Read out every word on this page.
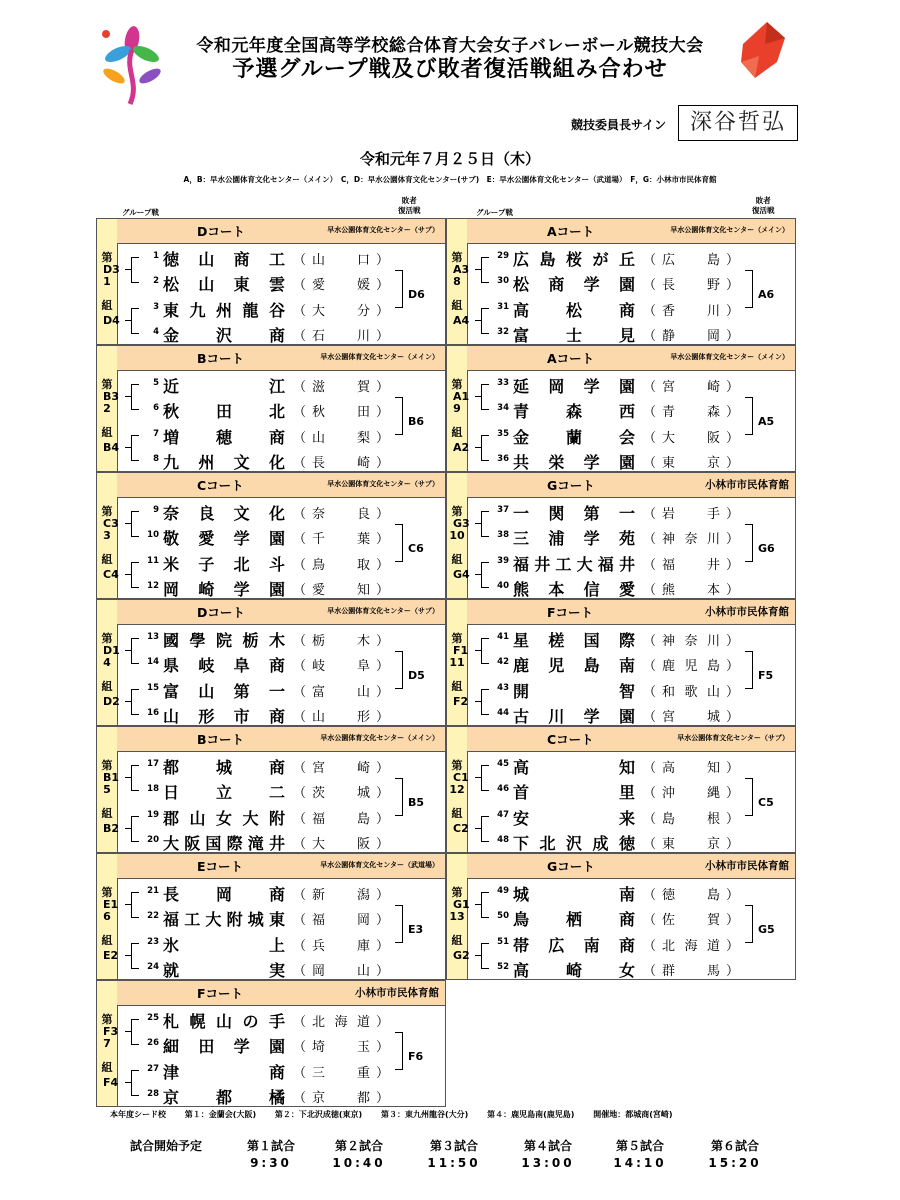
令和元年度全国高等学校総合体育大会女子バレーボール競技大会
予選グループ戦及び敗者復活戦組み合わせ
競技委員長サイン	深谷哲弘
令和元年７月２５日（木）
A，B：早水公園体育文化センター（メイン）　C，D：早水公園体育文化センター(サブ)　E：早水公園体育文化センター（武道場）　F，G：小林市市民体育館
グループ戦
敗者
復活戦	グループ戦
敗者
復活戦
第
1
組
Dコート	早水公園体育文化センター（サブ）
1 徳 山 商 工 （ 山 口 ）
2 松 山 東 雲 （ 愛 媛 ）
3 東 九 州 龍 谷 （ 大 分 ）
4 金 沢 商 （ 石 川 ）
D3
D4
D6
第
2
組
Bコート	早水公園体育文化センター（メイン）
5 近	江 （ 滋 賀 ）
6 秋 田 北 （ 秋 田 ）
7 増 穂 商 （ 山 梨 ）
8 九 州 文 化 （ 長 崎 ）
B3
B4
B6
第
3
組
Cコート	早水公園体育文化センター（サブ）
9 奈 良 文 化 （ 奈 良 ）
10 敬 愛 学 園 （ 千 葉 ）
11 米 子 北 斗 （ 鳥 取 ）
12 岡 崎 学 園 （ 愛 知 ）
C3
C4
C6
第
4
組
Dコート	早水公園体育文化センター（サブ）
13 國 學 院 栃 木 （ 栃 木 ）
14 県 岐 阜 商 （ 岐 阜 ）
15 富 山 第 一 （ 富 山 ）
16 山 形 市 商 （ 山 形 ）
D1
D2
D5
第
5
組
Bコート	早水公園体育文化センター（メイン）
17 都 城 商 （ 宮 崎 ）
18 日 立 二 （ 茨 城 ）
19 郡 山 女 大 附 （ 福 島 ）
20 大 阪 国 際 滝 井 （ 大 阪 ）
B1
B2
B5
第
6
組
Eコート	早水公園体育文化センター（武道場）
21 長 岡 商 （ 新 潟 ）
22 福 工 大 附 城 東 （ 福 岡 ）
23 氷	上 （ 兵 庫 ）
24 就	実 （ 岡 山 ）
E1
E2
E3
第
7
組
Fコート	小林市市民体育館
25 札 幌 山 の 手 （ 北 海 道 ）
26 細 田 学 園 （ 埼 玉 ）
27 津	商 （ 三 重 ）
28 京 都 橘 （ 京 都 ）
F3
F4
F6
第
8
組
Aコート	早水公園体育文化センター（メイン）
29 広 島 桜 が 丘 （ 広 島 ）
30 松 商 学 園 （ 長 野 ）
31 高 松 商 （ 香 川 ）
32 富 士 見 （ 静 岡 ）
A3
A4
A6
第
9
組
Aコート	早水公園体育文化センター（メイン）
33 延 岡 学 園 （ 宮 崎 ）
34 青 森 西 （ 青 森 ）
35 金 蘭 会 （ 大 阪 ）
36 共 栄 学 園 （ 東 京 ）
A1
A2
A5
第
10
組
Gコート	小林市市民体育館
37 一 関 第 一 （ 岩 手 ）
38 三 浦 学 苑 （ 神 奈 川 ）
39 福 井 工 大 福 井 （ 福 井 ）
40 熊 本 信 愛 （ 熊 本 ）
G3
G4
G6
第
11
組
Fコート	小林市市民体育館
41 星 槎 国 際 （ 神 奈 川 ）
42 鹿 児 島 南 （ 鹿 児 島 ）
43 開	智 （ 和 歌 山 ）
44 古 川 学 園 （ 宮 城 ）
F1
F2
F5
第
12
組
Cコート	早水公園体育文化センター（サブ）
45 高	知 （ 高 知 ）
46 首	里 （ 沖 縄 ）
47 安	来 （ 島 根 ）
48 下 北 沢 成 徳 （ 東 京 ）
C1
C2
C5
第
13
組
Gコート	小林市市民体育館
49 城	南 （ 徳 島 ）
50 鳥 栖 商 （ 佐 賀 ）
51 帯 広 南 商 （ 北 海 道 ）
52 高 崎 女 （ 群 馬 ）
G1
G2
G5
本年度シード校 第１：金蘭会(大阪) 第２：下北沢成徳(東京) 第３：東九州龍谷(大分) 第４：鹿児島南(鹿児島) 開催地：都城商(宮崎)
試合開始予定	第１試合
9:30
第２試合
10:40
第３試合
11:50
第４試合
13:00
第５試合
14:10
第６試合
15:20
